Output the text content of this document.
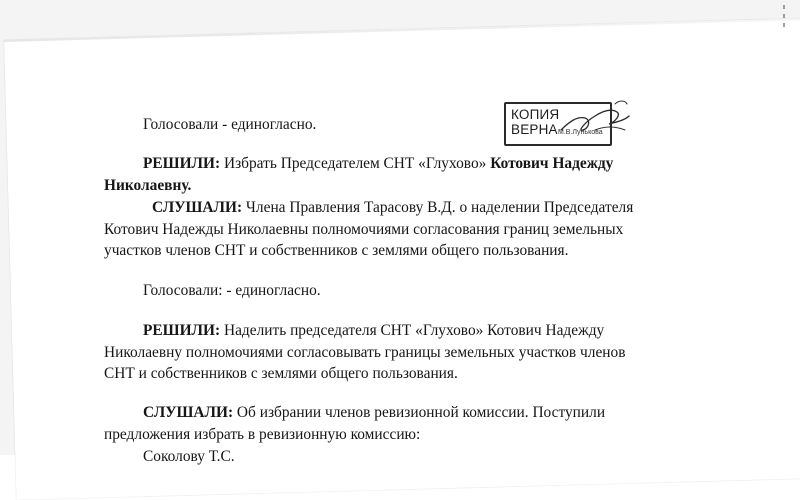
Голосовали - единогласно.
РЕШИЛИ: Избрать Председателем СНТ «Глухово» Котович Надежду
Николаевну.
СЛУШАЛИ: Члена Правления Тарасову В.Д. о наделении Председателя
Котович Надежды Николаевны полномочиями согласования границ земельных
участков членов СНТ и собственников с землями общего пользования.
Голосовали: - единогласно.
РЕШИЛИ: Наделить председателя СНТ «Глухово» Котович Надежду
Николаевну полномочиями согласовывать границы земельных участков членов
СНТ и собственников с землями общего пользования.
СЛУШАЛИ: Об избрании членов ревизионной комиссии. Поступили
предложения избрать в ревизионную комиссию:
Соколову Т.С.
КОПИЯ ВЕРНА М.В.Лунькова
